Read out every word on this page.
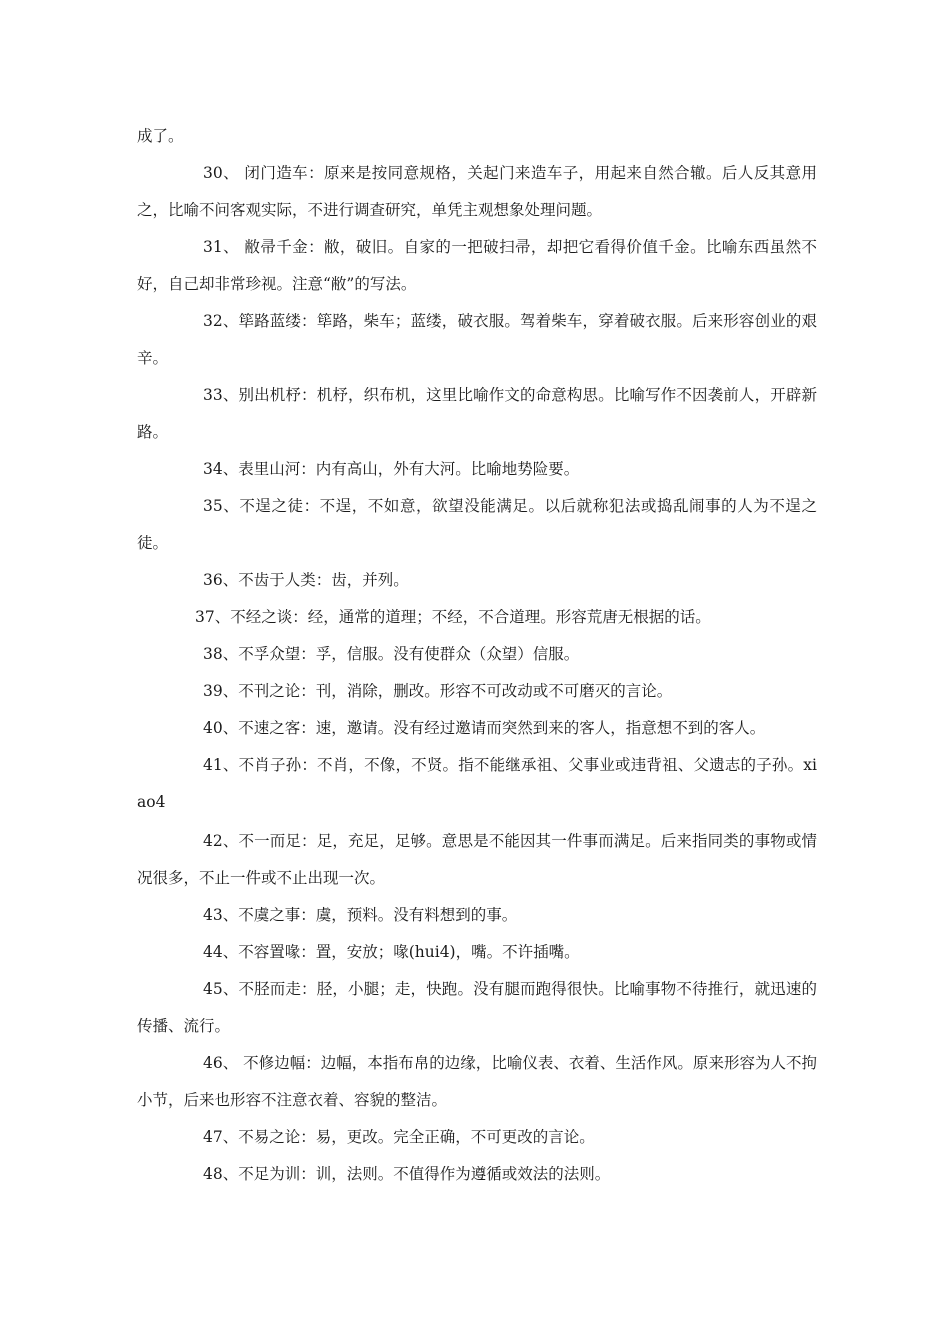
成了。

30、 闭门造车：原来是按同意规格，关起门来造车子，用起来自然合辙。后人反其意用之，比喻不问客观实际，不进行调查研究，单凭主观想象处理问题。

31、 敝帚千金：敝，破旧。自家的一把破扫帚，却把它看得价值千金。比喻东西虽然不好，自己却非常珍视。注意“敝”的写法。

32、筚路蓝缕：筚路，柴车；蓝缕，破衣服。驾着柴车，穿着破衣服。后来形容创业的艰辛。

33、别出机杼：机杼，织布机，这里比喻作文的命意构思。比喻写作不因袭前人，开辟新路。

34、表里山河：内有高山，外有大河。比喻地势险要。

35、不逞之徒：不逞，不如意，欲望没能满足。以后就称犯法或捣乱闹事的人为不逞之徒。

36、不齿于人类：齿，并列。

37、不经之谈：经，通常的道理；不经，不合道理。形容荒唐无根据的话。

38、不孚众望：孚，信服。没有使群众（众望）信服。

39、不刊之论：刊，消除，删改。形容不可改动或不可磨灭的言论。

40、不速之客：速，邀请。没有经过邀请而突然到来的客人，指意想不到的客人。

41、不肖子孙：不肖，不像，不贤。指不能继承祖、父事业或违背祖、父遗志的子孙。xiao4

42、不一而足：足，充足，足够。意思是不能因其一件事而满足。后来指同类的事物或情况很多，不止一件或不止出现一次。

43、不虞之事：虞，预料。没有料想到的事。

44、不容置喙：置，安放；喙(hui4)，嘴。不许插嘴。

45、不胫而走：胫，小腿；走，快跑。没有腿而跑得很快。比喻事物不待推行，就迅速的传播、流行。

46、 不修边幅：边幅，本指布帛的边缘，比喻仪表、衣着、生活作风。原来形容为人不拘小节，后来也形容不注意衣着、容貌的整洁。

47、不易之论：易，更改。完全正确，不可更改的言论。

48、不足为训：训，法则。不值得作为遵循或效法的法则。
